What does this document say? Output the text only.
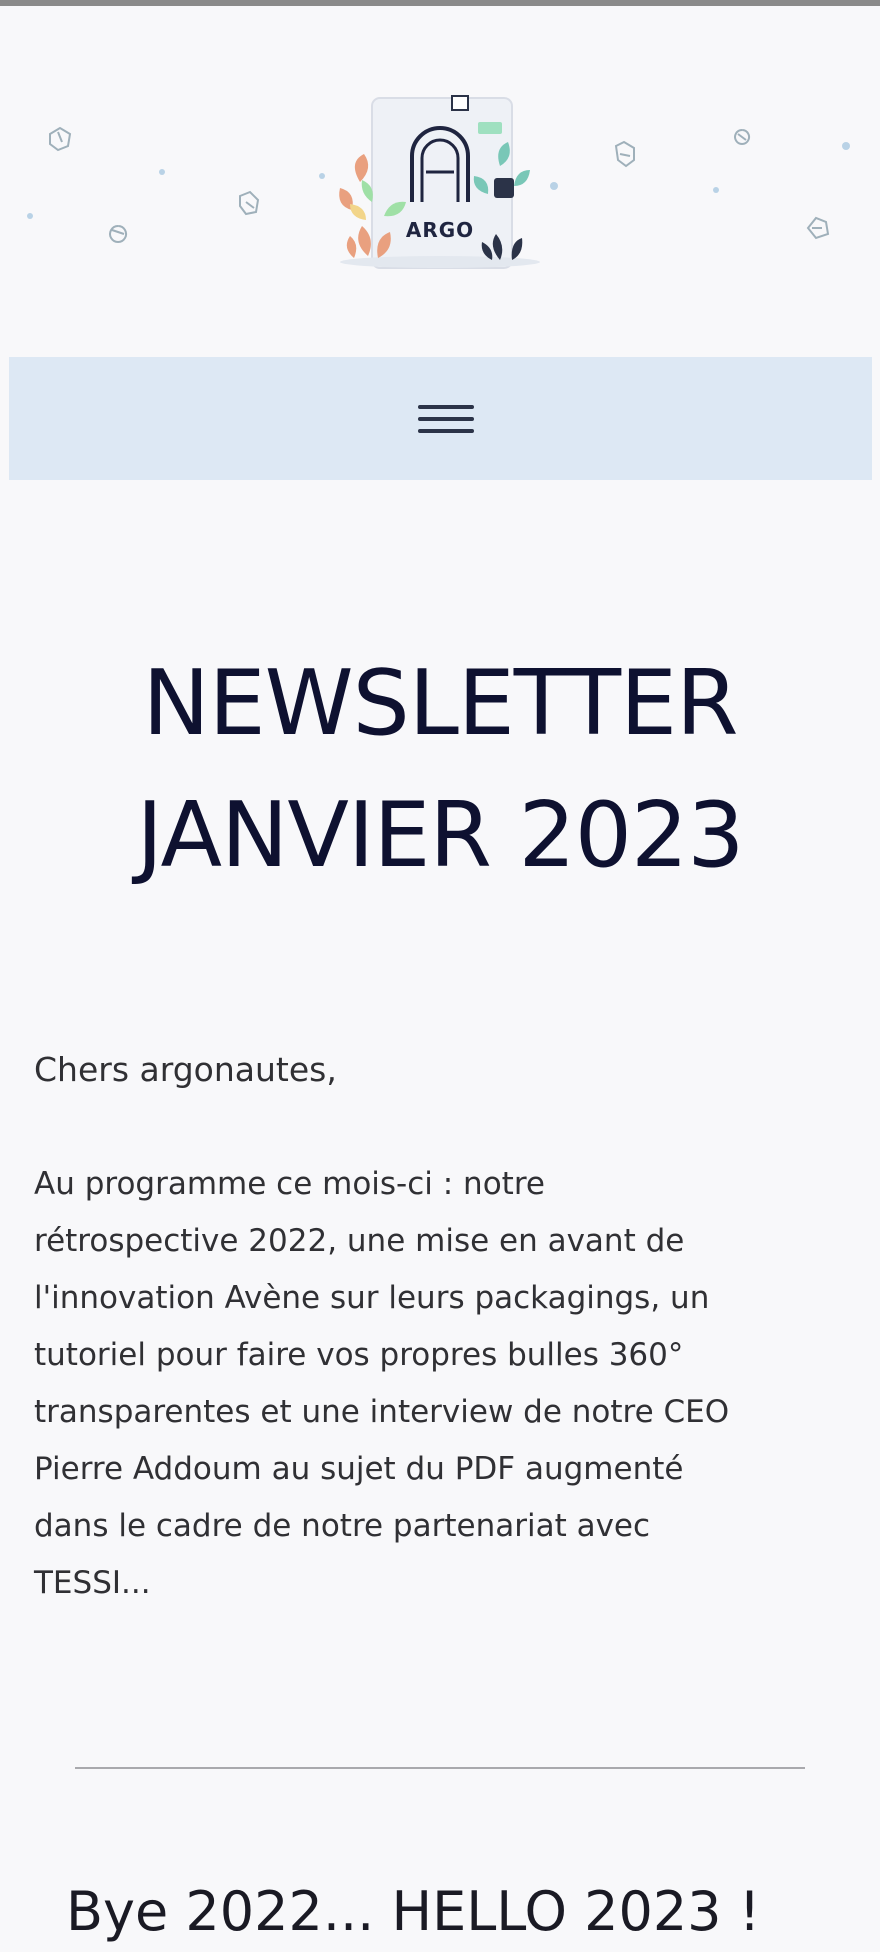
ARGO
NEWSLETTER
JANVIER 2023

Chers argonautes,

Au programme ce mois-ci : notre
rétrospective 2022, une mise en avant de
l'innovation Avène sur leurs packagings, un
tutoriel pour faire vos propres bulles 360°
transparentes et une interview de notre CEO
Pierre Addoum au sujet du PDF augmenté
dans le cadre de notre partenariat avec
TESSI...

Bye 2022... HELLO 2023 !
